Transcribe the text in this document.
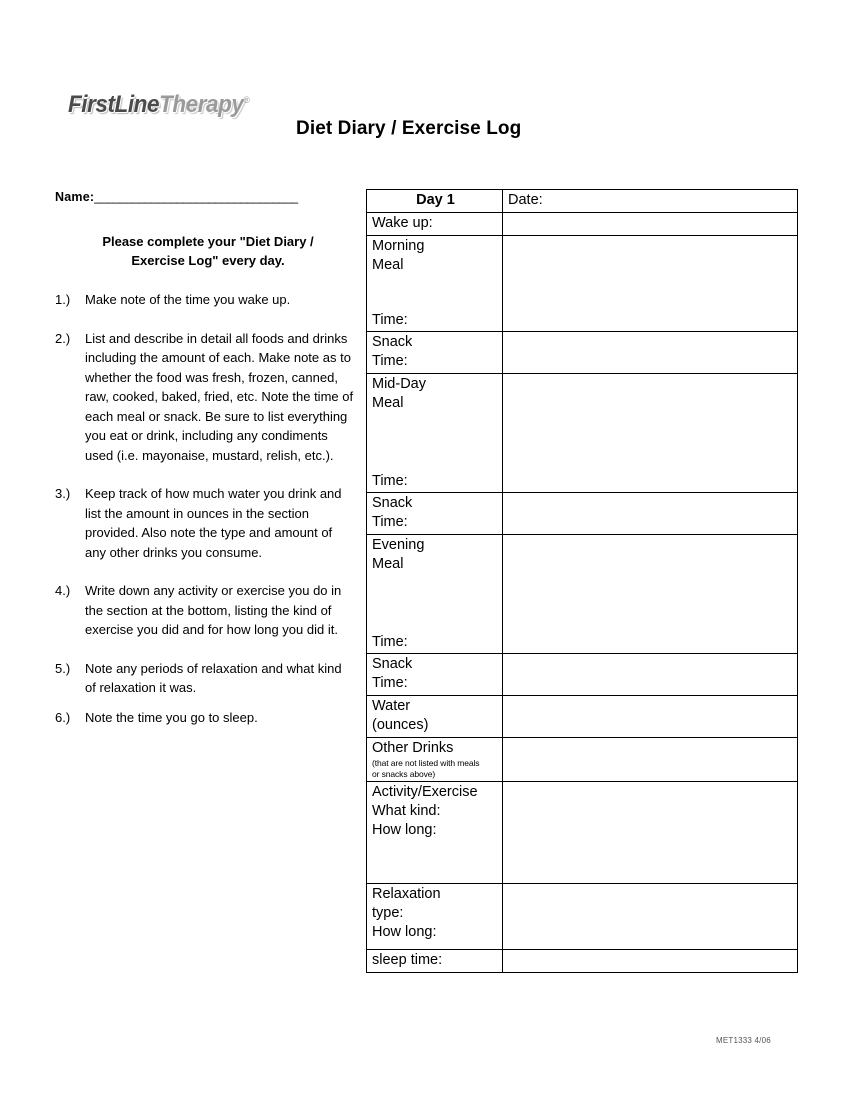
FirstLineTherapy®
Diet Diary / Exercise Log
Name:________________________________
Please complete your "Diet Diary /
Exercise Log" every day.
1.)	Make note of the time you wake up.
2.)	List and describe in detail all foods and drinks including the amount of each. Make note as to whether the food was fresh, frozen, canned, raw, cooked, baked, fried, etc. Note the time of each meal or snack. Be sure to list everything you eat or drink, including any condiments used (i.e. mayonaise, mustard, relish, etc.).
3.)	Keep track of how much water you drink and list the amount in ounces in the section provided. Also note the type and amount of any other drinks you consume.
4.)	Write down any activity or exercise you do in the section at the bottom, listing the kind of exercise you did and for how long you did it.
5.)	Note any periods of relaxation and what kind of relaxation it was.
6.)	Note the time you go to sleep.
Day 1	Date:
Wake up:	

Morning
Meal
Time:	

Snack
Time:	

Mid-Day
Meal
Time:	

Snack
Time:	

Evening
Meal
Time:	

Snack
Time:	

Water
(ounces)	

Other Drinks
(that are not listed with meals
or snacks above)	

Activity/Exercise
What kind:
How long:	

Relaxation
type:
How long:	

sleep time:	
MET1333 4/06
